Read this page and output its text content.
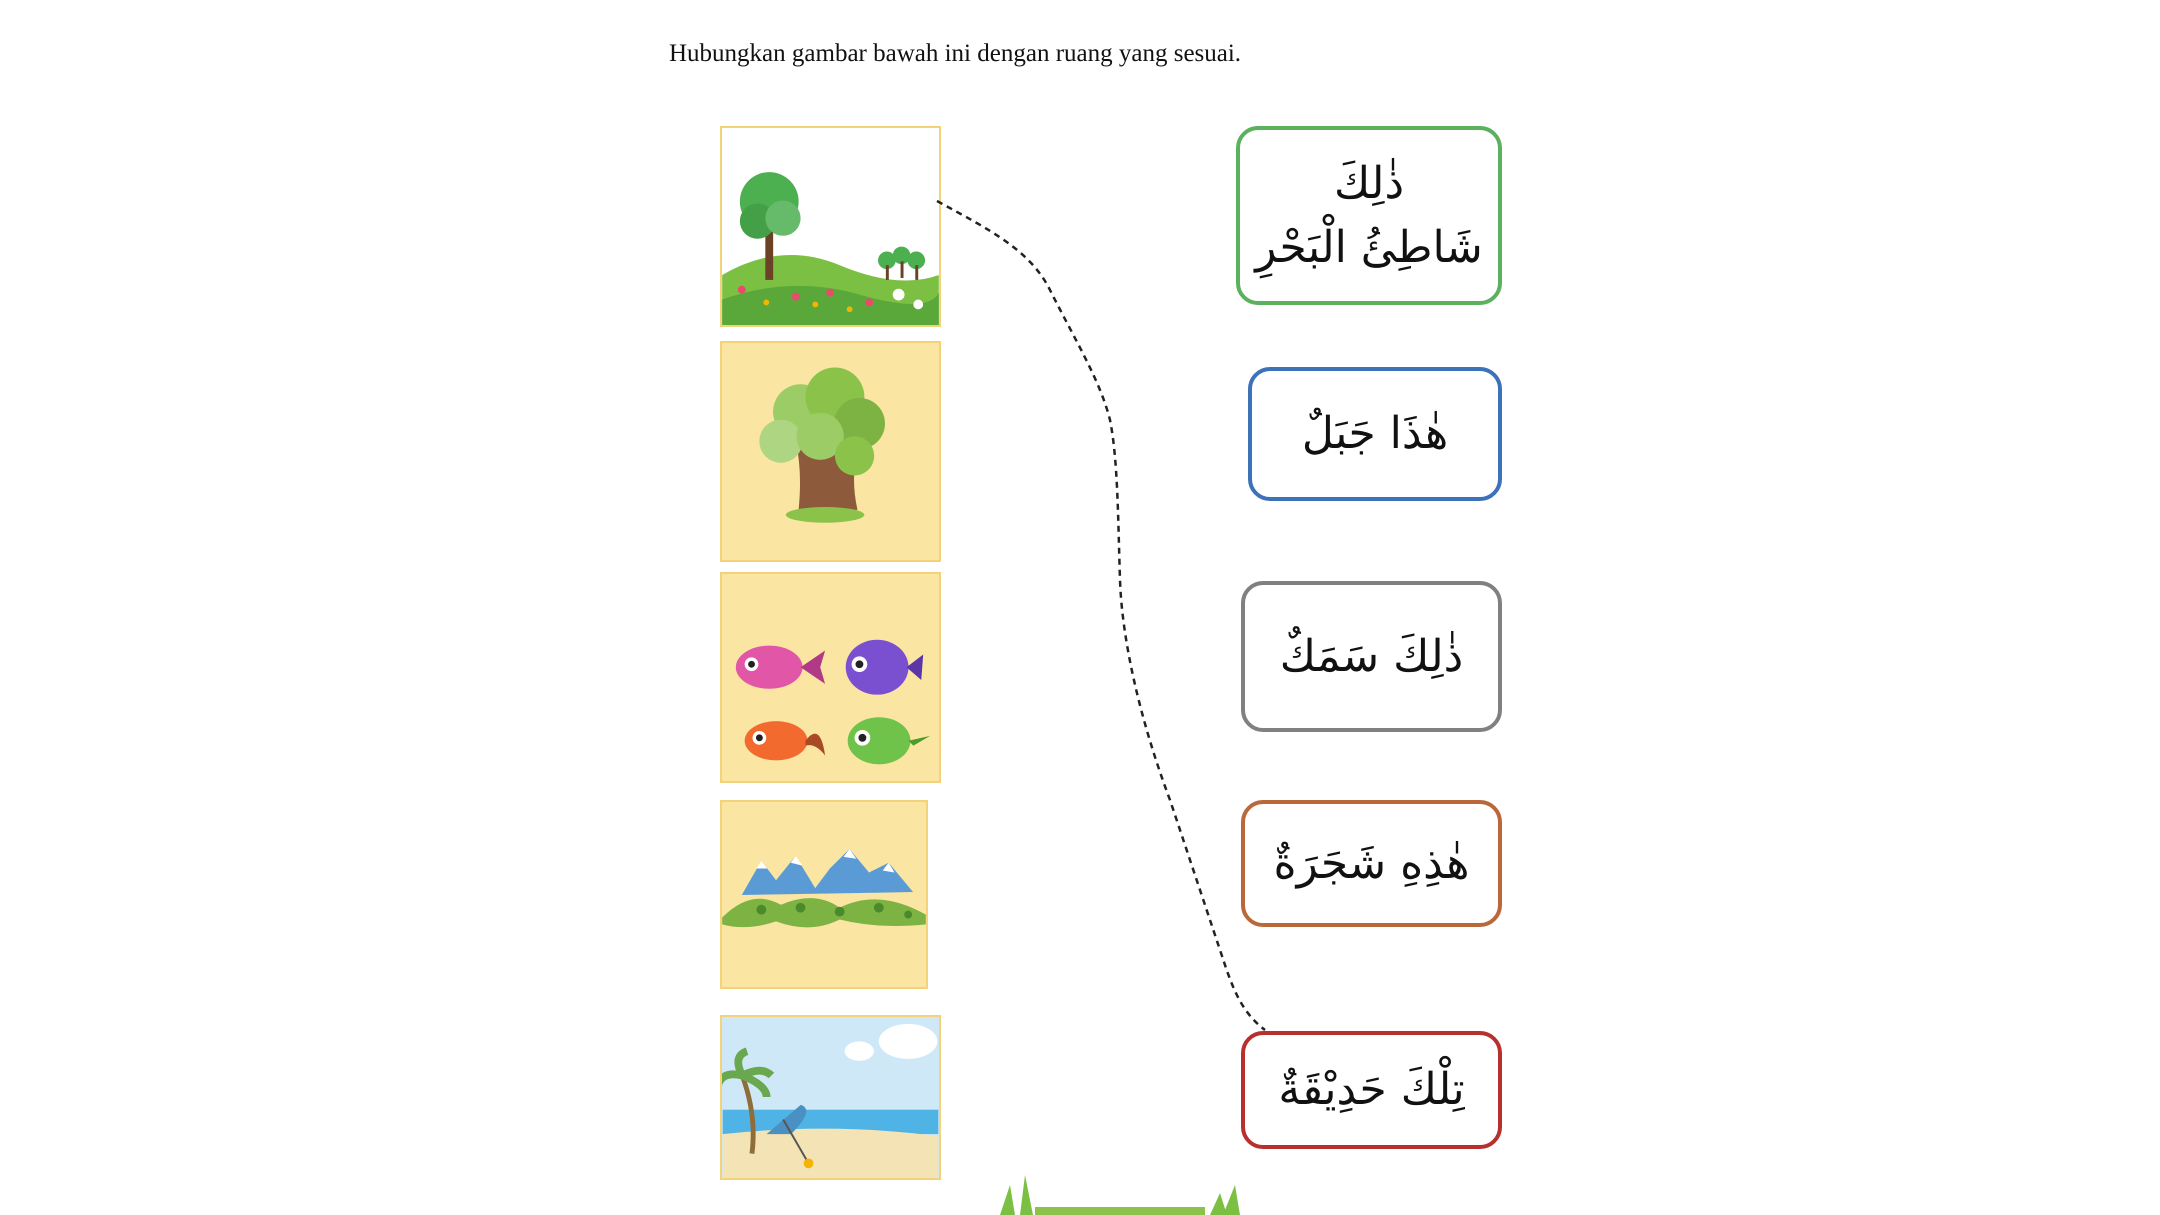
Hubungkan gambar bawah ini dengan ruang yang sesuai.
ذٰلِكَ
شَاطِئُ الْبَحْرِ
هٰذَا جَبَلٌ
ذٰلِكَ سَمَكٌ
هٰذِهِ شَجَرَةٌ
تِلْكَ حَدِيْقَةٌ
